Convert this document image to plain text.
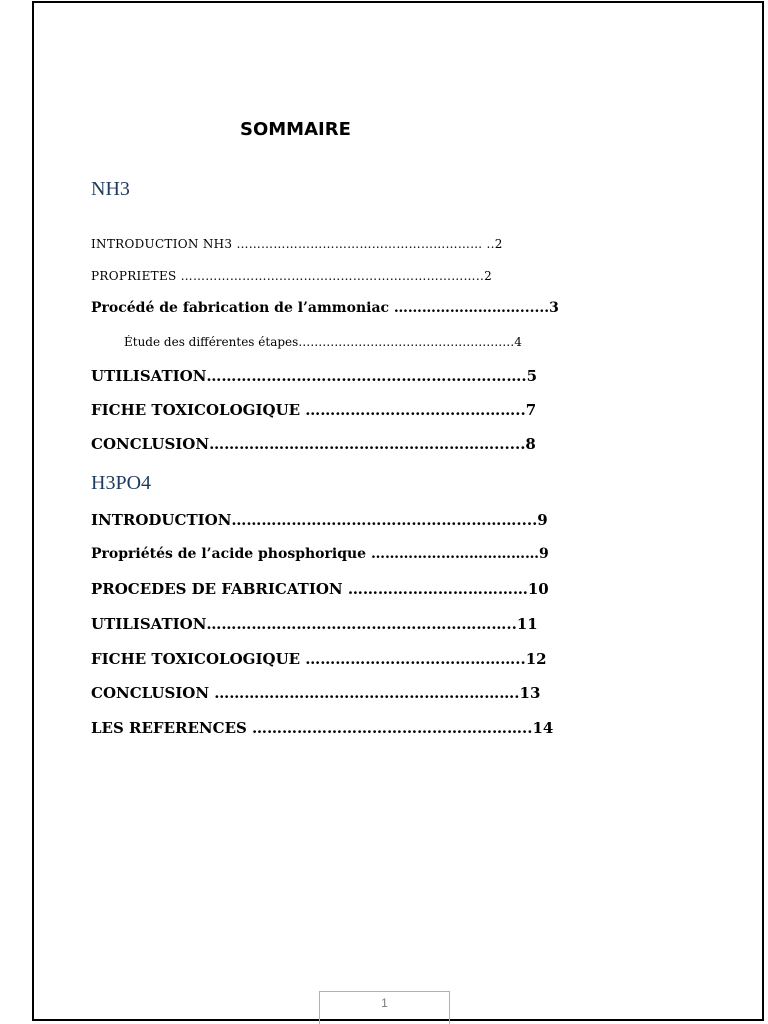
SOMMAIRE
NH3
INTRODUCTION NH3 …………………………………………………… ..2
PROPRIETES ………………………………………………………………..2
Procédé de fabrication de l’ammoniac ………………………......3
Étude des différentes étapes………………………………………………4
UTILISATION……………………………………………………….5
FICHE TOXICOLOGIQUE ……………………………………..7
CONCLUSION…………………………………………………......8
H3PO4
INTRODUCTION…………………………………………………....9
Propriétés de l’acide phosphorique ………………………………9
PROCEDES DE FABRICATION ………………………………10
UTILISATION……………………………………………………..11
FICHE TOXICOLOGIQUE ……………………………………..12
CONCLUSION …………………………………………………….13
LES REFERENCES ………………………………………………..14
1
